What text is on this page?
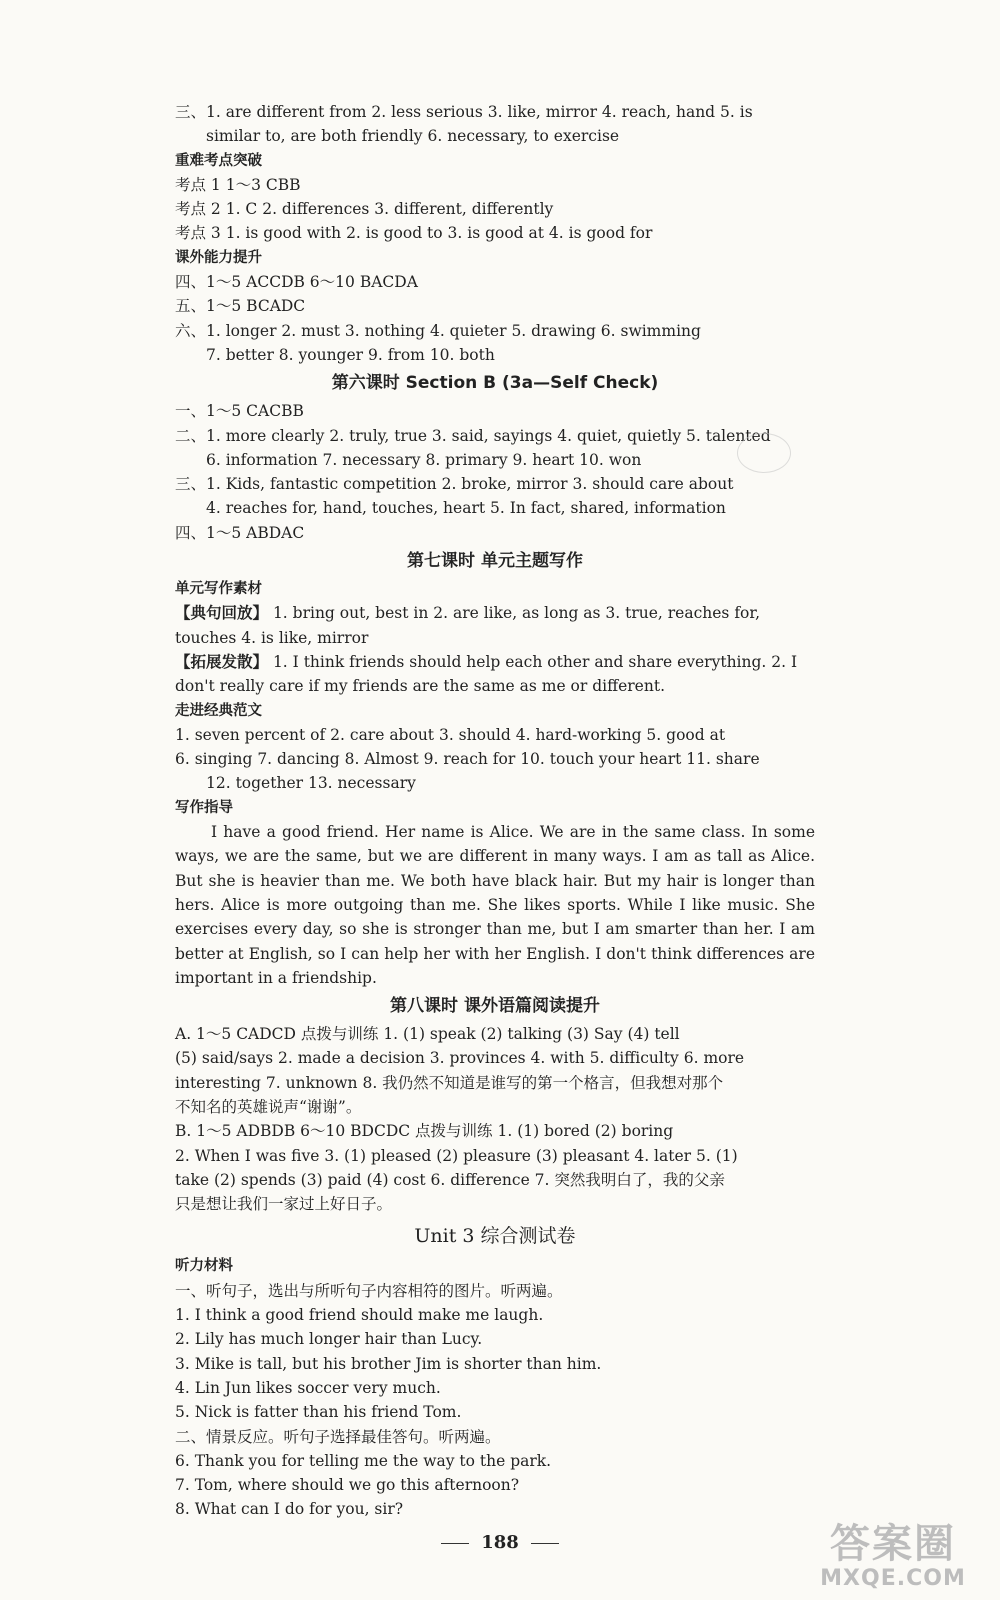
三、1. are different from 2. less serious 3. like, mirror 4. reach, hand 5. is
similar to, are both friendly 6. necessary, to exercise
重难考点突破
考点 1 1～3 CBB
考点 2 1. C 2. differences 3. different, differently
考点 3 1. is good with 2. is good to 3. is good at 4. is good for
课外能力提升
四、1～5 ACCDB 6～10 BACDA
五、1～5 BCADC
六、1. longer 2. must 3. nothing 4. quieter 5. drawing 6. swimming
7. better 8. younger 9. from 10. both
第六课时 Section B (3a—Self Check)
一、1～5 CACBB
二、1. more clearly 2. truly, true 3. said, sayings 4. quiet, quietly 5. talented
6. information 7. necessary 8. primary 9. heart 10. won
三、1. Kids, fantastic competition 2. broke, mirror 3. should care about
4. reaches for, hand, touches, heart 5. In fact, shared, information
四、1～5 ABDAC
第七课时 单元主题写作
单元写作素材
【典句回放】 1. bring out, best in 2. are like, as long as 3. true, reaches for,
touches 4. is like, mirror
【拓展发散】 1. I think friends should help each other and share everything. 2. I
don't really care if my friends are the same as me or different.
走进经典范文
1. seven percent of 2. care about 3. should 4. hard-working 5. good at
6. singing 7. dancing 8. Almost 9. reach for 10. touch your heart 11. share
12. together 13. necessary
写作指导

I have a good friend. Her name is Alice. We are in the same class. In some ways, we are the same, but we are different in many ways. I am as tall as Alice. But she is heavier than me. We both have black hair. But my hair is longer than hers. Alice is more outgoing than me. She likes sports. While I like music. She exercises every day, so she is stronger than me, but I am smarter than her. I am better at English, so I can help her with her English. I don't think differences are important in a friendship.

第八课时 课外语篇阅读提升
A. 1～5 CADCD 点拨与训练 1. (1) speak (2) talking (3) Say (4) tell
(5) said/says 2. made a decision 3. provinces 4. with 5. difficulty 6. more
interesting 7. unknown 8. 我仍然不知道是谁写的第一个格言，但我想对那个
不知名的英雄说声“谢谢”。
B. 1～5 ADBDB 6～10 BDCDC 点拨与训练 1. (1) bored (2) boring
2. When I was five 3. (1) pleased (2) pleasure (3) pleasant 4. later 5. (1)
take (2) spends (3) paid (4) cost 6. difference 7. 突然我明白了，我的父亲
只是想让我们一家过上好日子。
Unit 3 综合测试卷
听力材料
一、听句子，选出与所听句子内容相符的图片。听两遍。
1. I think a good friend should make me laugh.
2. Lily has much longer hair than Lucy.
3. Mike is tall, but his brother Jim is shorter than him.
4. Lin Jun likes soccer very much.
5. Nick is fatter than his friend Tom.
二、情景反应。听句子选择最佳答句。听两遍。
6. Thank you for telling me the way to the park.
7. Tom, where should we go this afternoon?
8. What can I do for you, sir?
188	答案圈
MXQE.COM
